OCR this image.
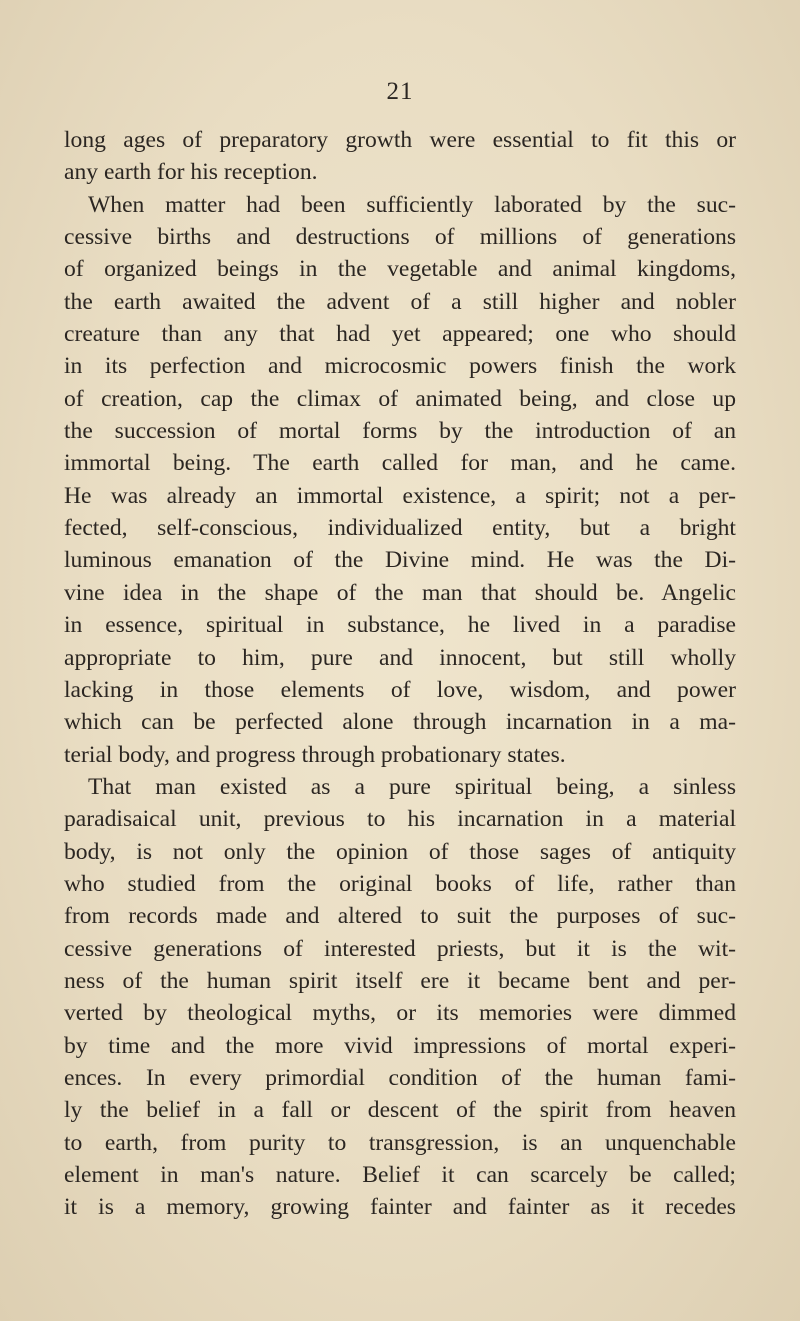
21
long ages of preparatory growth were essential to fit this or
any earth for his reception.
When matter had been sufficiently laborated by the suc-
cessive births and destructions of millions of generations
of organized beings in the vegetable and animal kingdoms,
the earth awaited the advent of a still higher and nobler
creature than any that had yet appeared; one who should
in its perfection and microcosmic powers finish the work
of creation, cap the climax of animated being, and close up
the succession of mortal forms by the introduction of an
immortal being. The earth called for man, and he came.
He was already an immortal existence, a spirit; not a per-
fected, self-conscious, individualized entity, but a bright
luminous emanation of the Divine mind. He was the Di-
vine idea in the shape of the man that should be. Angelic
in essence, spiritual in substance, he lived in a paradise
appropriate to him, pure and innocent, but still wholly
lacking in those elements of love, wisdom, and power
which can be perfected alone through incarnation in a ma-
terial body, and progress through probationary states.
That man existed as a pure spiritual being, a sinless
paradisaical unit, previous to his incarnation in a material
body, is not only the opinion of those sages of antiquity
who studied from the original books of life, rather than
from records made and altered to suit the purposes of suc-
cessive generations of interested priests, but it is the wit-
ness of the human spirit itself ere it became bent and per-
verted by theological myths, or its memories were dimmed
by time and the more vivid impressions of mortal experi-
ences. In every primordial condition of the human fami-
ly the belief in a fall or descent of the spirit from heaven
to earth, from purity to transgression, is an unquenchable
element in man's nature. Belief it can scarcely be called;
it is a memory, growing fainter and fainter as it recedes
